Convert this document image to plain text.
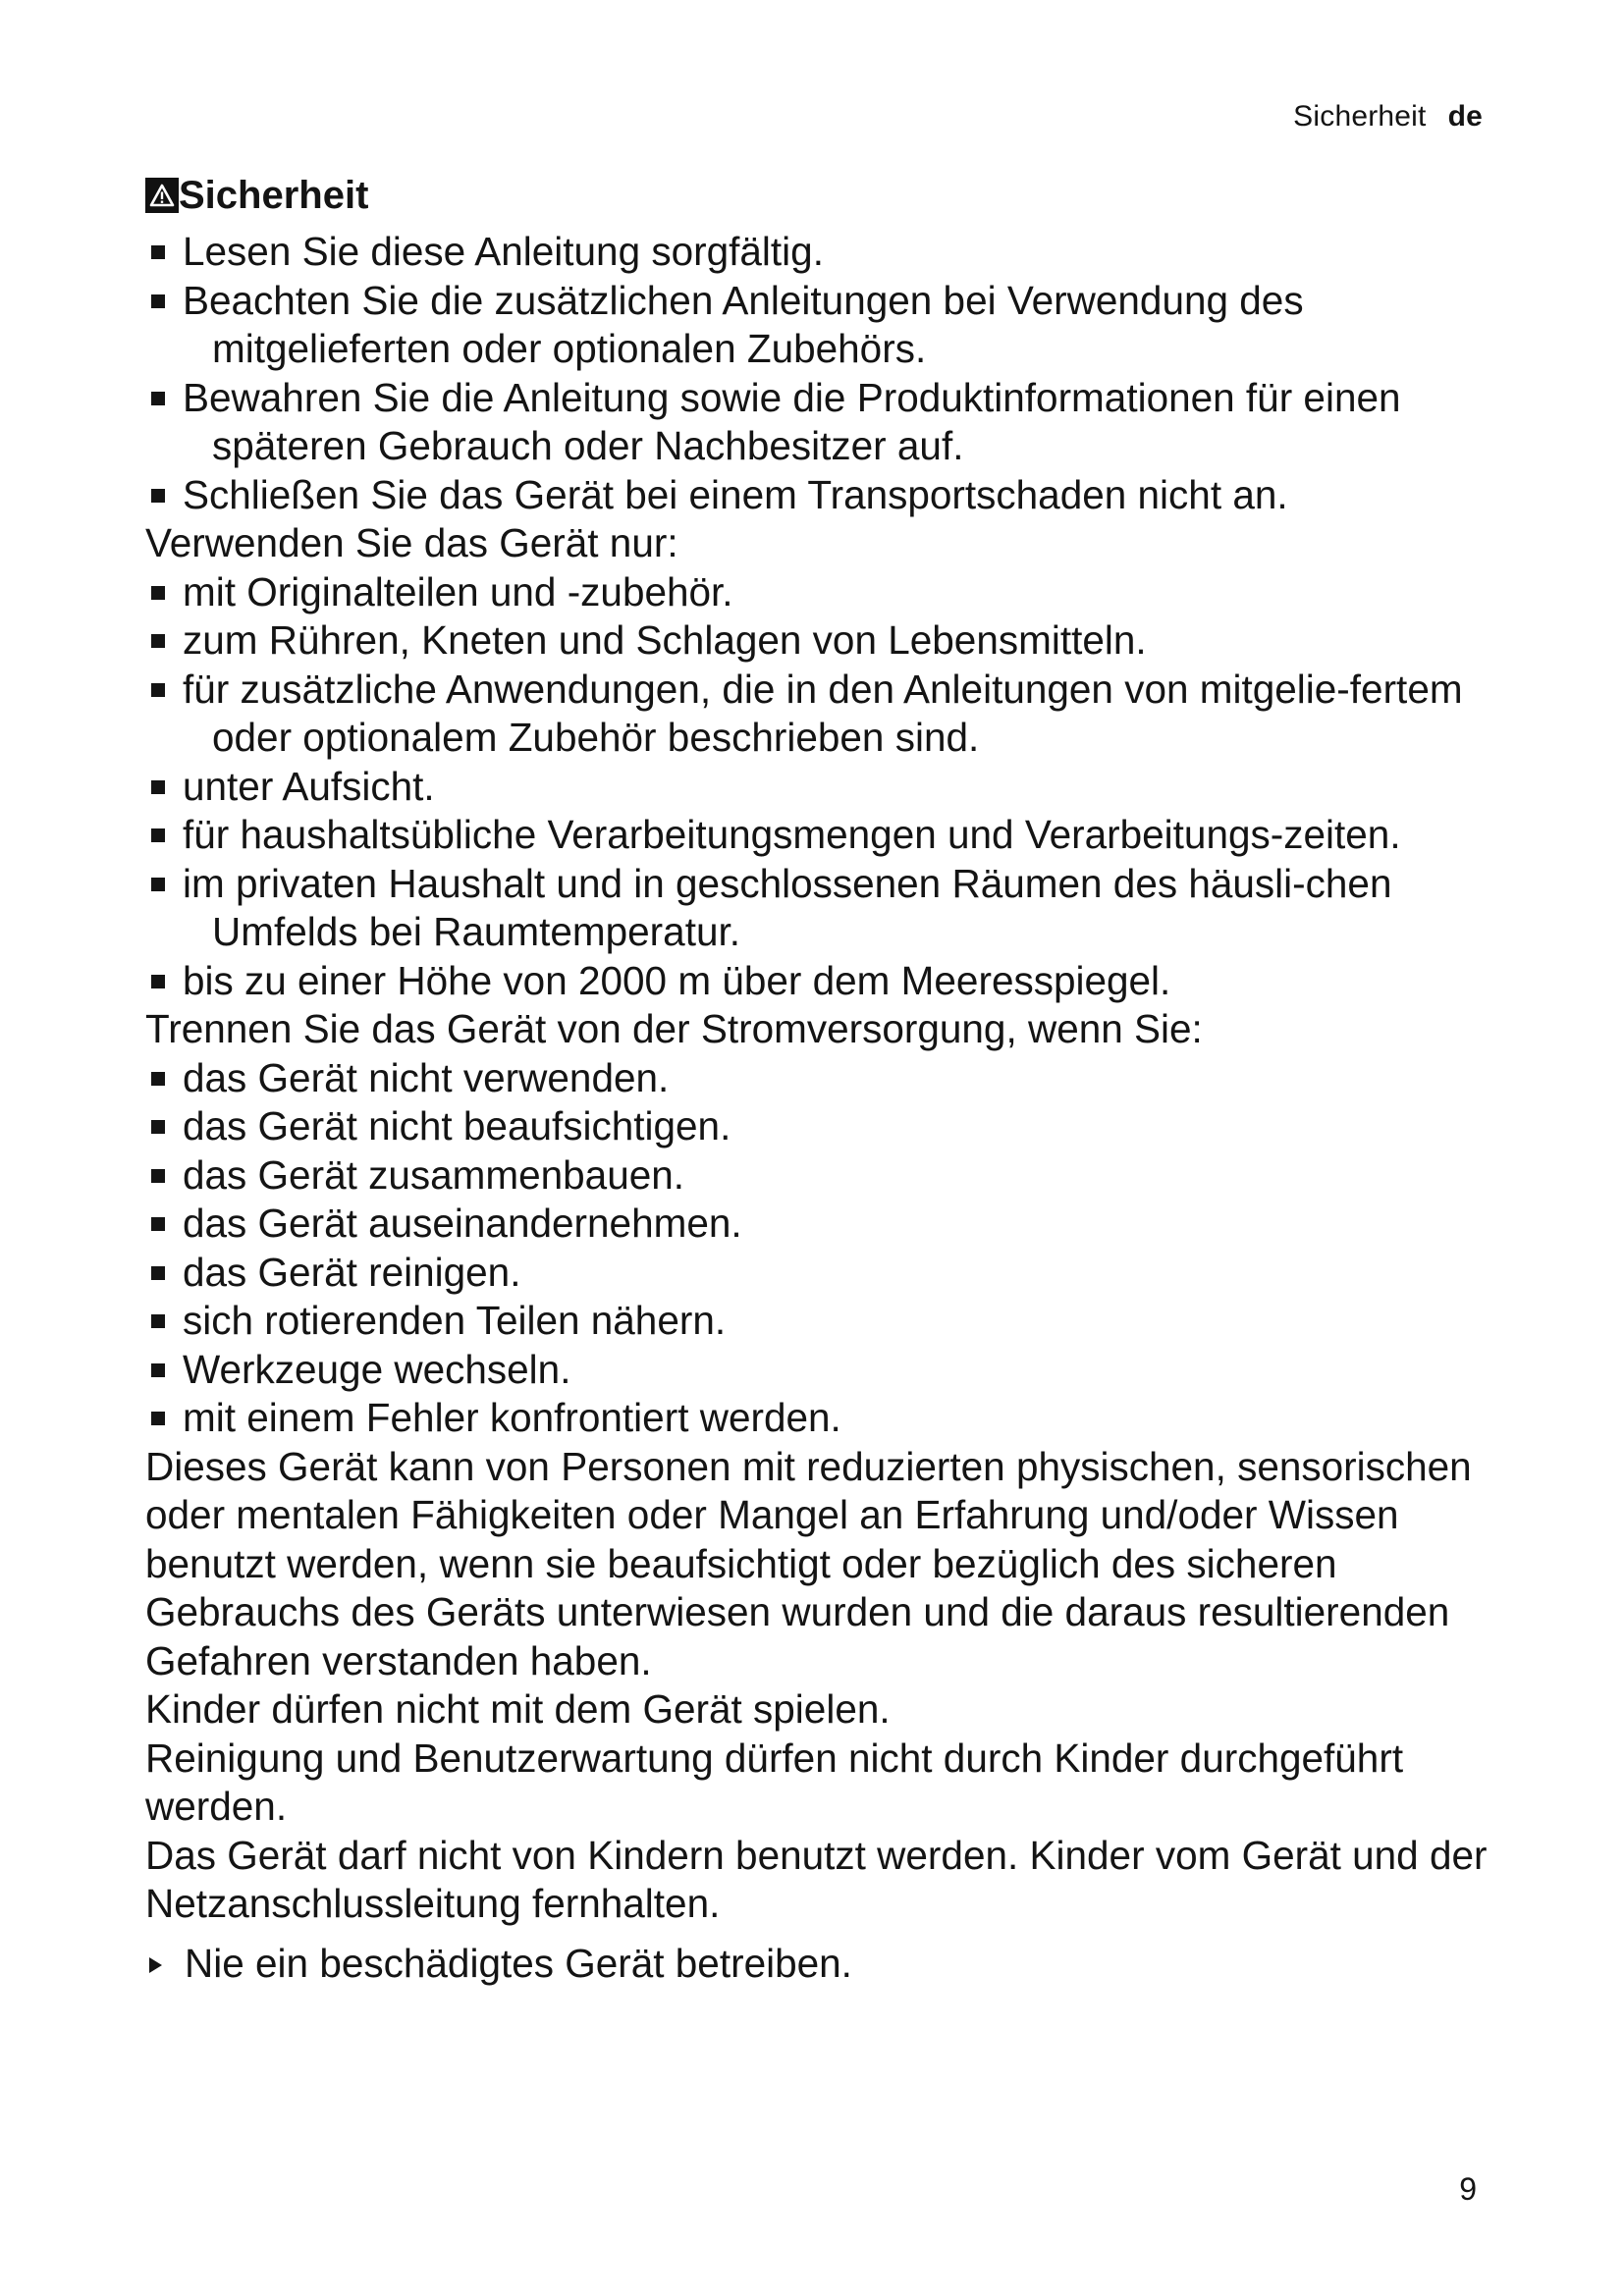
Sicherheit de
Sicherheit
Lesen Sie diese Anleitung sorgfältig.
Beachten Sie die zusätzlichen Anleitungen bei Verwendung des mitgelieferten oder optionalen Zubehörs.
Bewahren Sie die Anleitung sowie die Produktinformationen für einen späteren Gebrauch oder Nachbesitzer auf.
Schließen Sie das Gerät bei einem Transportschaden nicht an.

Verwenden Sie das Gerät nur:

mit Originalteilen und -zubehör.
zum Rühren, Kneten und Schlagen von Lebensmitteln.
für zusätzliche Anwendungen, die in den Anleitungen von mitgelie-fertem oder optionalem Zubehör beschrieben sind.
unter Aufsicht.
für haushaltsübliche Verarbeitungsmengen und Verarbeitungs-zeiten.
im privaten Haushalt und in geschlossenen Räumen des häusli-chen Umfelds bei Raumtemperatur.
bis zu einer Höhe von 2000 m über dem Meeresspiegel.

Trennen Sie das Gerät von der Stromversorgung, wenn Sie:

das Gerät nicht verwenden.
das Gerät nicht beaufsichtigen.
das Gerät zusammenbauen.
das Gerät auseinandernehmen.
das Gerät reinigen.
sich rotierenden Teilen nähern.
Werkzeuge wechseln.
mit einem Fehler konfrontiert werden.

Dieses Gerät kann von Personen mit reduzierten physischen, sensorischen oder mentalen Fähigkeiten oder Mangel an Erfahrung und/oder Wissen benutzt werden, wenn sie beaufsichtigt oder bezüglich des sicheren Gebrauchs des Geräts unterwiesen wurden und die daraus resultierenden Gefahren verstanden haben.

Kinder dürfen nicht mit dem Gerät spielen.

Reinigung und Benutzerwartung dürfen nicht durch Kinder durchgeführt werden.

Das Gerät darf nicht von Kindern benutzt werden. Kinder vom Gerät und der Netzanschlussleitung fernhalten.

Nie ein beschädigtes Gerät betreiben.
9
